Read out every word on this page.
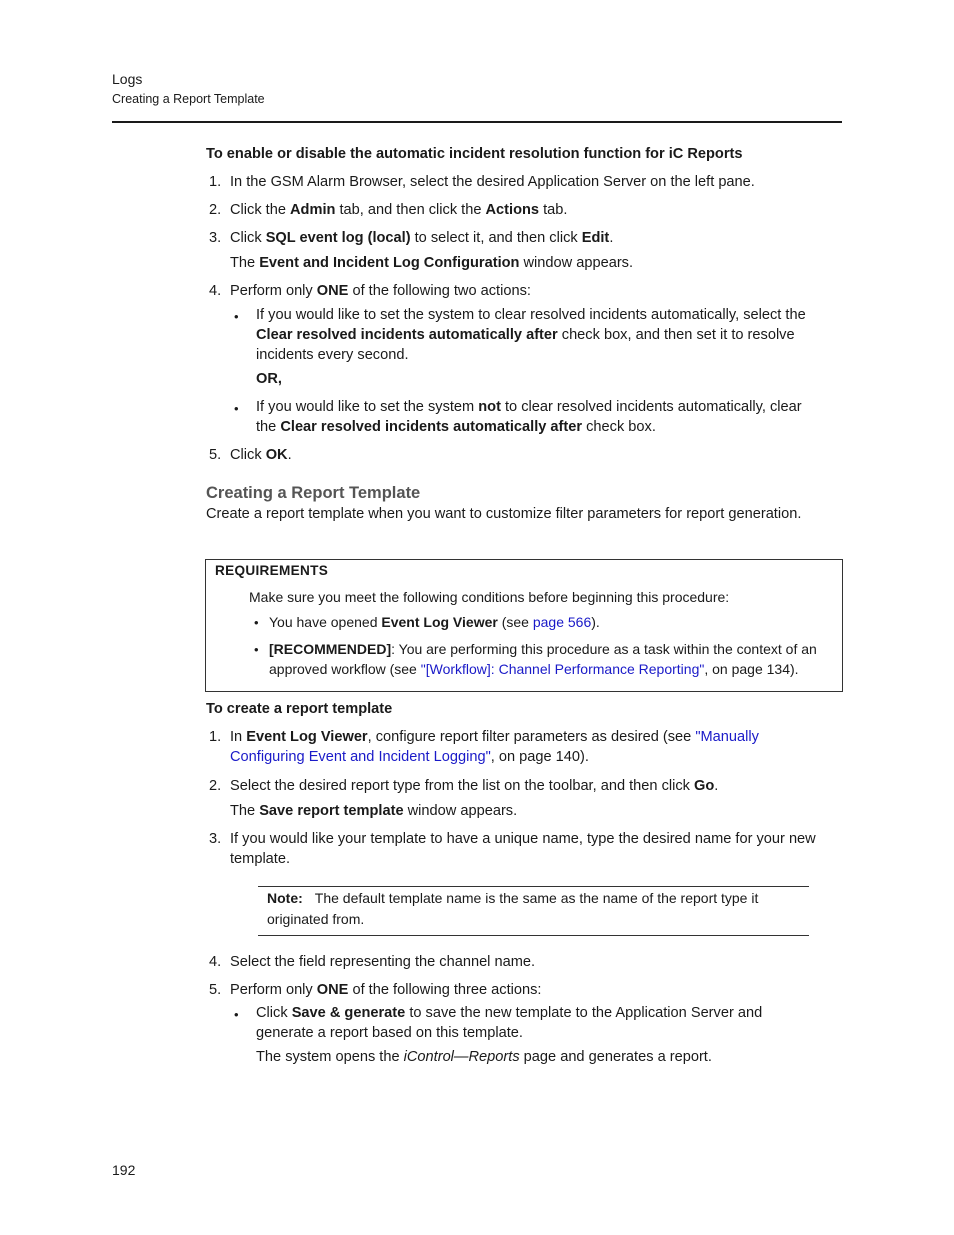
Logs
Creating a Report Template
To enable or disable the automatic incident resolution function for iC Reports
1. In the GSM Alarm Browser, select the desired Application Server on the left pane.
2. Click the Admin tab, and then click the Actions tab.
3. Click SQL event log (local) to select it, and then click Edit.
The Event and Incident Log Configuration window appears.
4. Perform only ONE of the following two actions:
• If you would like to set the system to clear resolved incidents automatically, select the
Clear resolved incidents automatically after check box, and then set it to resolve
incidents every second.
OR,
• If you would like to set the system not to clear resolved incidents automatically, clear
the Clear resolved incidents automatically after check box.
5. Click OK.
Creating a Report Template
Create a report template when you want to customize filter parameters for report generation.
REQUIREMENTS
Make sure you meet the following conditions before beginning this procedure:
• You have opened Event Log Viewer (see page 566).
• [RECOMMENDED]: You are performing this procedure as a task within the context of an
approved workflow (see "[Workflow]: Channel Performance Reporting", on page 134).
To create a report template
1. In Event Log Viewer, configure report filter parameters as desired (see "Manually
Configuring Event and Incident Logging", on page 140).
2. Select the desired report type from the list on the toolbar, and then click Go.
The Save report template window appears.
3. If you would like your template to have a unique name, type the desired name for your new
template.
Note: The default template name is the same as the name of the report type it
originated from.
4. Select the field representing the channel name.
5. Perform only ONE of the following three actions:
• Click Save & generate to save the new template to the Application Server and
generate a report based on this template.
The system opens the iControl—Reports page and generates a report.
192
